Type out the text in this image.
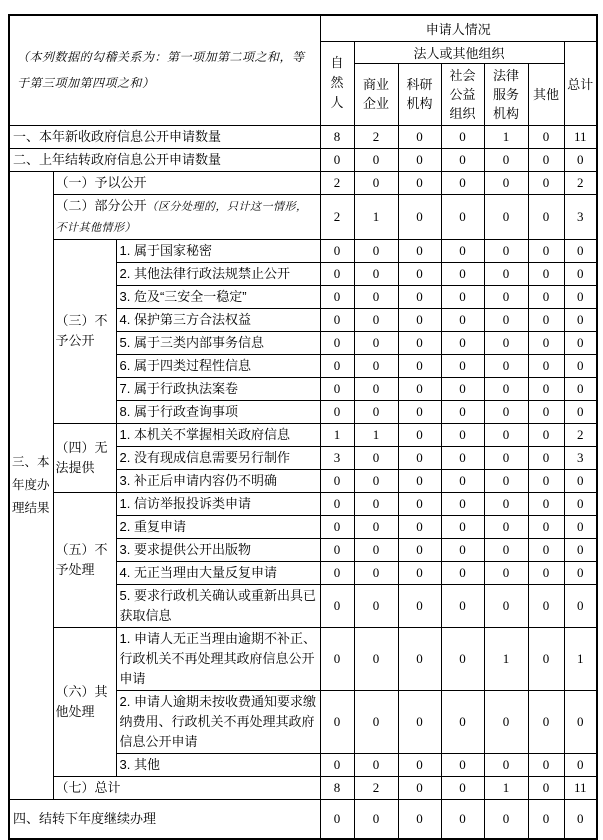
（本列数据的勾稽关系为：第一项加第二项之和，等于第三项加第四项之和）			申请人情况						
			自然人	法人或其他组织					总计
				商业企业	科研机构	社会公益组织	法律服务机构	其他	
一、本年新收政府信息公开申请数量			8	2	0	0	1	0	11
二、上年结转政府信息公开申请数量			0	0	0	0	0	0	0
三、本年度办理结果	（一）予以公开		2	0	0	0	0	0	2
	（二）部分公开（区分处理的，只计这一情形，不计其他情形）		2	1	0	0	0	0	3
	（三）不予公开	1. 属于国家秘密	0	0	0	0	0	0	0
		2. 其他法律行政法规禁止公开	0	0	0	0	0	0	0
		3. 危及“三安全一稳定”	0	0	0	0	0	0	0
		4. 保护第三方合法权益	0	0	0	0	0	0	0
		5. 属于三类内部事务信息	0	0	0	0	0	0	0
		6. 属于四类过程性信息	0	0	0	0	0	0	0
		7. 属于行政执法案卷	0	0	0	0	0	0	0
		8. 属于行政查询事项	0	0	0	0	0	0	0
	（四）无法提供	1. 本机关不掌握相关政府信息	1	1	0	0	0	0	2
		2. 没有现成信息需要另行制作	3	0	0	0	0	0	3
		3. 补正后申请内容仍不明确	0	0	0	0	0	0	0
	（五）不予处理	1. 信访举报投诉类申请	0	0	0	0	0	0	0
		2. 重复申请	0	0	0	0	0	0	0
		3. 要求提供公开出版物	0	0	0	0	0	0	0
		4. 无正当理由大量反复申请	0	0	0	0	0	0	0
		5. 要求行政机关确认或重新出具已获取信息	0	0	0	0	0	0	0
	（六）其他处理	1. 申请人无正当理由逾期不补正、行政机关不再处理其政府信息公开申请	0	0	0	0	1	0	1
		2. 申请人逾期未按收费通知要求缴纳费用、行政机关不再处理其政府信息公开申请	0	0	0	0	0	0	0
		3. 其他	0	0	0	0	0	0	0
	（七）总计		8	2	0	0	1	0	11
四、结转下年度继续办理			0	0	0	0	0	0	0
